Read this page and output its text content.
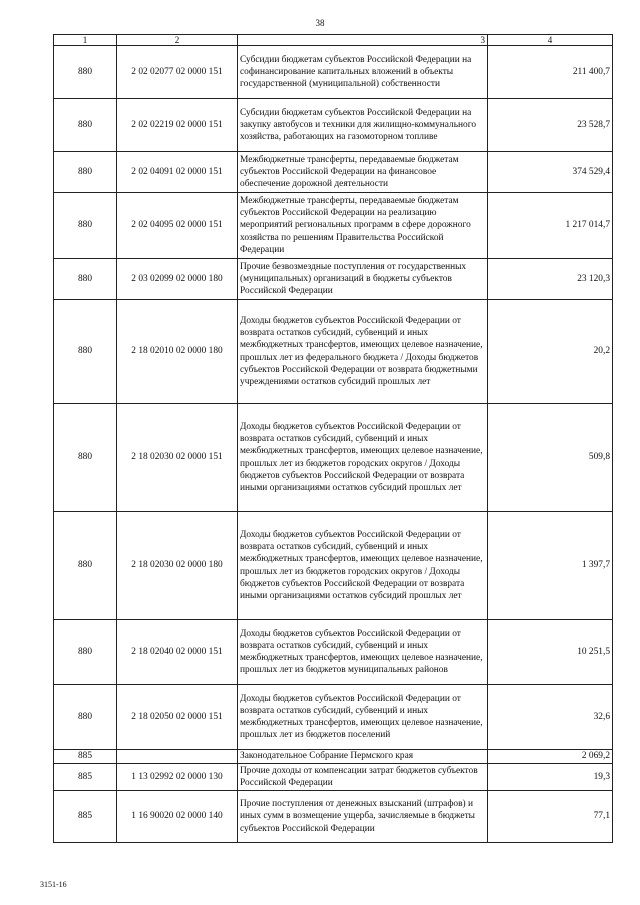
38
1	2	3	4
880	2 02 02077 02 0000 151	Субсидии бюджетам субъектов Российской Федерации на софинансирование капитальных вложений в объекты государственной (муниципальной) собственности	211 400,7
880	2 02 02219 02 0000 151	Субсидии бюджетам субъектов Российской Федерации на закупку автобусов и техники для жилищно-коммунального хозяйства, работающих на газомоторном топливе	23 528,7
880	2 02 04091 02 0000 151	Межбюджетные трансферты, передаваемые бюджетам субъектов Российской Федерации на финансовое обеспечение дорожной деятельности	374 529,4
880	2 02 04095 02 0000 151	Межбюджетные трансферты, передаваемые бюджетам субъектов Российской Федерации на реализацию мероприятий региональных программ в сфере дорожного хозяйства по решениям Правительства Российской Федерации	1 217 014,7
880	2 03 02099 02 0000 180	Прочие безвозмездные поступления от государственных (муниципальных) организаций в бюджеты субъектов Российской Федерации	23 120,3
880	2 18 02010 02 0000 180	Доходы бюджетов субъектов Российской Федерации от возврата остатков субсидий, субвенций и иных межбюджетных трансфертов, имеющих целевое назначение, прошлых лет из федерального бюджета / Доходы бюджетов субъектов Российской Федерации от возврата бюджетными учреждениями остатков субсидий прошлых лет	20,2
880	2 18 02030 02 0000 151	Доходы бюджетов субъектов Российской Федерации от возврата остатков субсидий, субвенций и иных межбюджетных трансфертов, имеющих целевое назначение, прошлых лет из бюджетов городских округов / Доходы бюджетов субъектов Российской Федерации от возврата иными организациями остатков субсидий прошлых лет	509,8
880	2 18 02030 02 0000 180	Доходы бюджетов субъектов Российской Федерации от возврата остатков субсидий, субвенций и иных межбюджетных трансфертов, имеющих целевое назначение, прошлых лет из бюджетов городских округов / Доходы бюджетов субъектов Российской Федерации от возврата иными организациями остатков субсидий прошлых лет	1 397,7
880	2 18 02040 02 0000 151	Доходы бюджетов субъектов Российской Федерации от возврата остатков субсидий, субвенций и иных межбюджетных трансфертов, имеющих целевое назначение, прошлых лет из бюджетов муниципальных районов	10 251,5
880	2 18 02050 02 0000 151	Доходы бюджетов субъектов Российской Федерации от возврата остатков субсидий, субвенций и иных межбюджетных трансфертов, имеющих целевое назначение, прошлых лет из бюджетов поселений	32,6
885		Законодательное Собрание Пермского края	2 069,2
885	1 13 02992 02 0000 130	Прочие доходы от компенсации затрат бюджетов субъектов Российской Федерации	19,3
885	1 16 90020 02 0000 140	Прочие поступления от денежных взысканий (штрафов) и иных сумм в возмещение ущерба, зачисляемые в бюджеты субъектов Российской Федерации	77,1
3151-16
